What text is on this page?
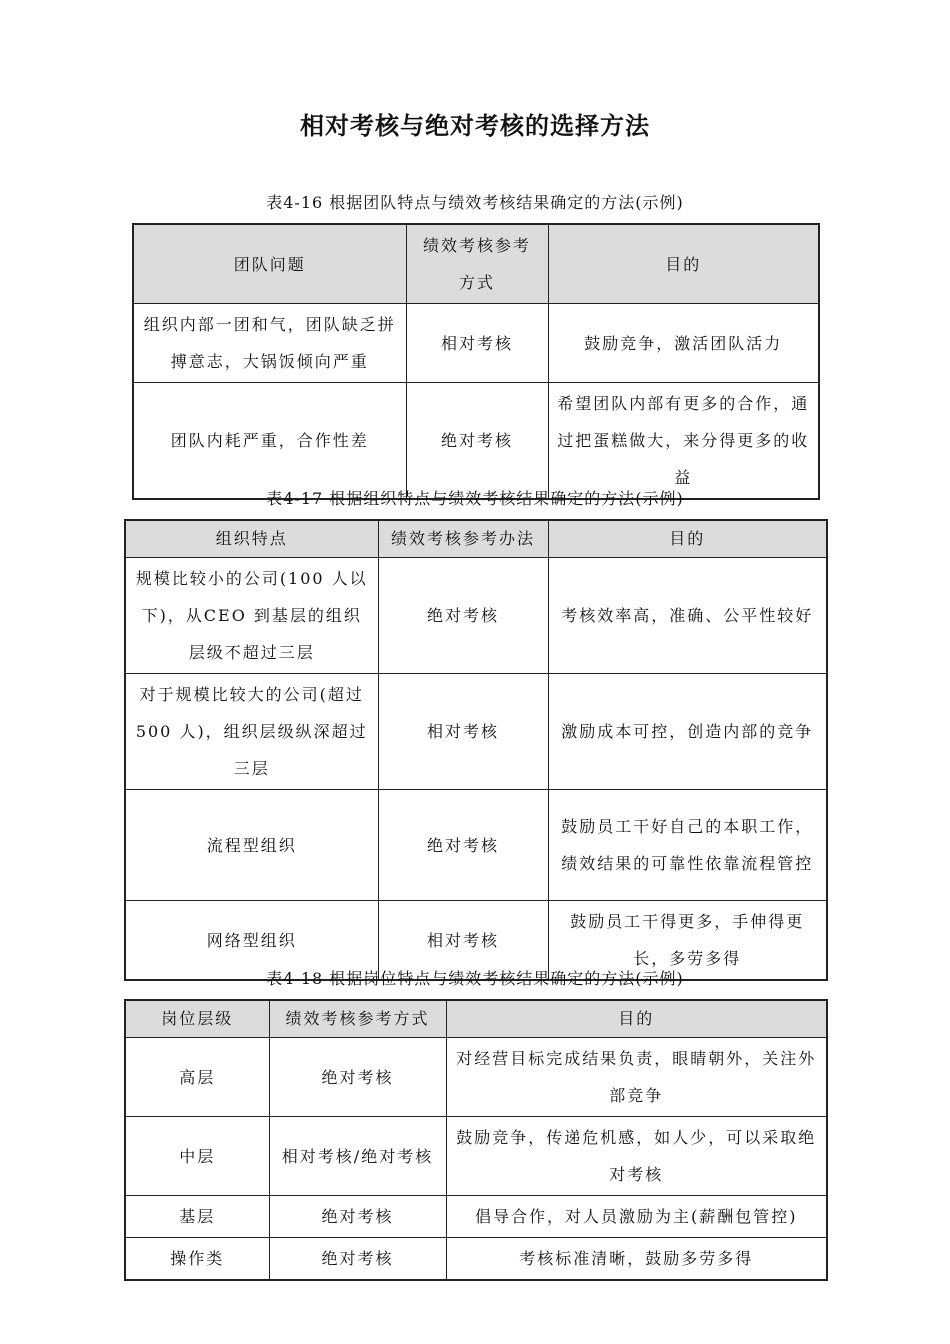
相对考核与绝对考核的选择方法
表4-16 根据团队特点与绩效考核结果确定的方法(示例)
团队问题	绩效考核参考方式	目的
组织内部一团和气，团队缺乏拼搏意志，大锅饭倾向严重	相对考核	鼓励竞争，激活团队活力
团队内耗严重，合作性差	绝对考核	希望团队内部有更多的合作，通过把蛋糕做大，来分得更多的收益
表4-17 根据组织特点与绩效考核结果确定的方法(示例)
组织特点	绩效考核参考办法	目的
规模比较小的公司(100 人以下)，从CEO 到基层的组织层级不超过三层	绝对考核	考核效率高，准确、公平性较好
对于规模比较大的公司(超过500 人)，组织层级纵深超过三层	相对考核	激励成本可控，创造内部的竞争
流程型组织	绝对考核	鼓励员工干好自己的本职工作，绩效结果的可靠性依靠流程管控
网络型组织	相对考核	鼓励员工干得更多，手伸得更长，多劳多得
表4-18 根据岗位特点与绩效考核结果确定的方法(示例)
岗位层级	绩效考核参考方式	目的
高层	绝对考核	对经营目标完成结果负责，眼睛朝外，关注外部竞争
中层	相对考核/绝对考核	鼓励竞争，传递危机感，如人少，可以采取绝对考核
基层	绝对考核	倡导合作，对人员激励为主(薪酬包管控)
操作类	绝对考核	考核标准清晰，鼓励多劳多得
